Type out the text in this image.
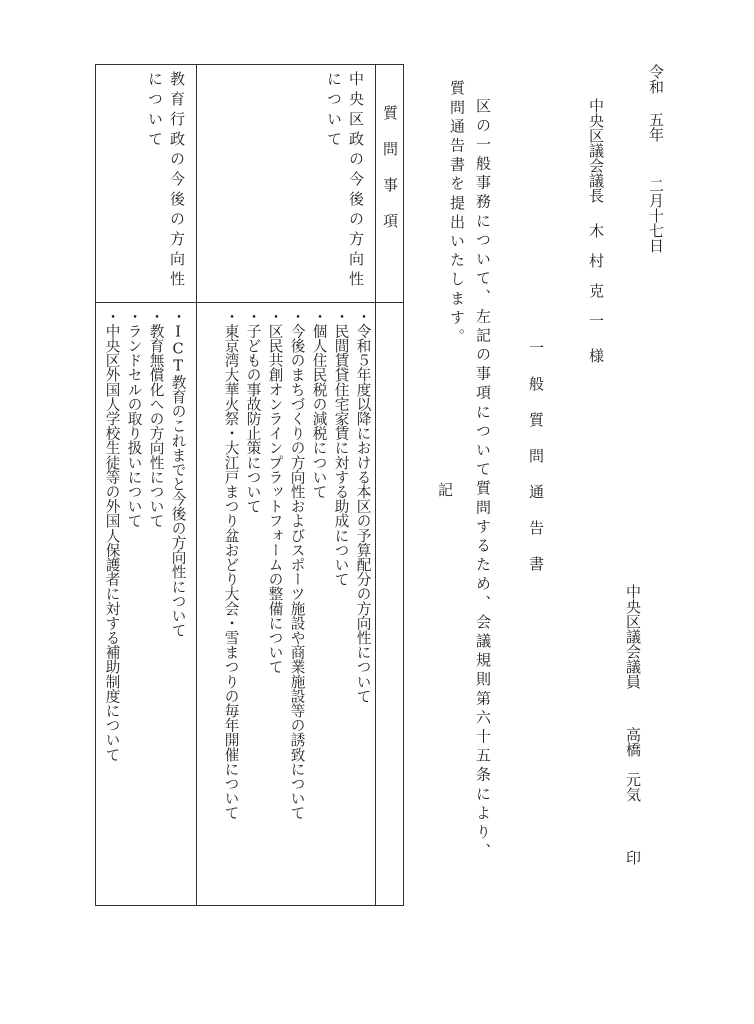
令和五年二月十七日
中央区議会議長木　村　克　一様
中央区議会議員高橋　元気印
一般質問通告書
区の一般事務について、左記の事項について質問するため、会議規則第六十五条により、
質問通告書を提出いたします。
記
質問事項
中央区政の今後の方向性
について
教育行政の今後の方向性
について
・令和５年度以降における本区の予算配分の方向性について
・民間賃貸住宅家賃に対する助成について
・個人住民税の減税について
・今後のまちづくりの方向性およびスポーツ施設や商業施設等の誘致について
・区民共創オンラインプラットフォームの整備について
・子どもの事故防止策について
・東京湾大華火祭・大江戸まつり盆おどり大会・雪まつりの毎年開催について
・ICT教育のこれまでと今後の方向性について
・教育無償化への方向性について
・ランドセルの取り扱いについて
・中央区外国人学校生徒等の外国人保護者に対する補助制度について
